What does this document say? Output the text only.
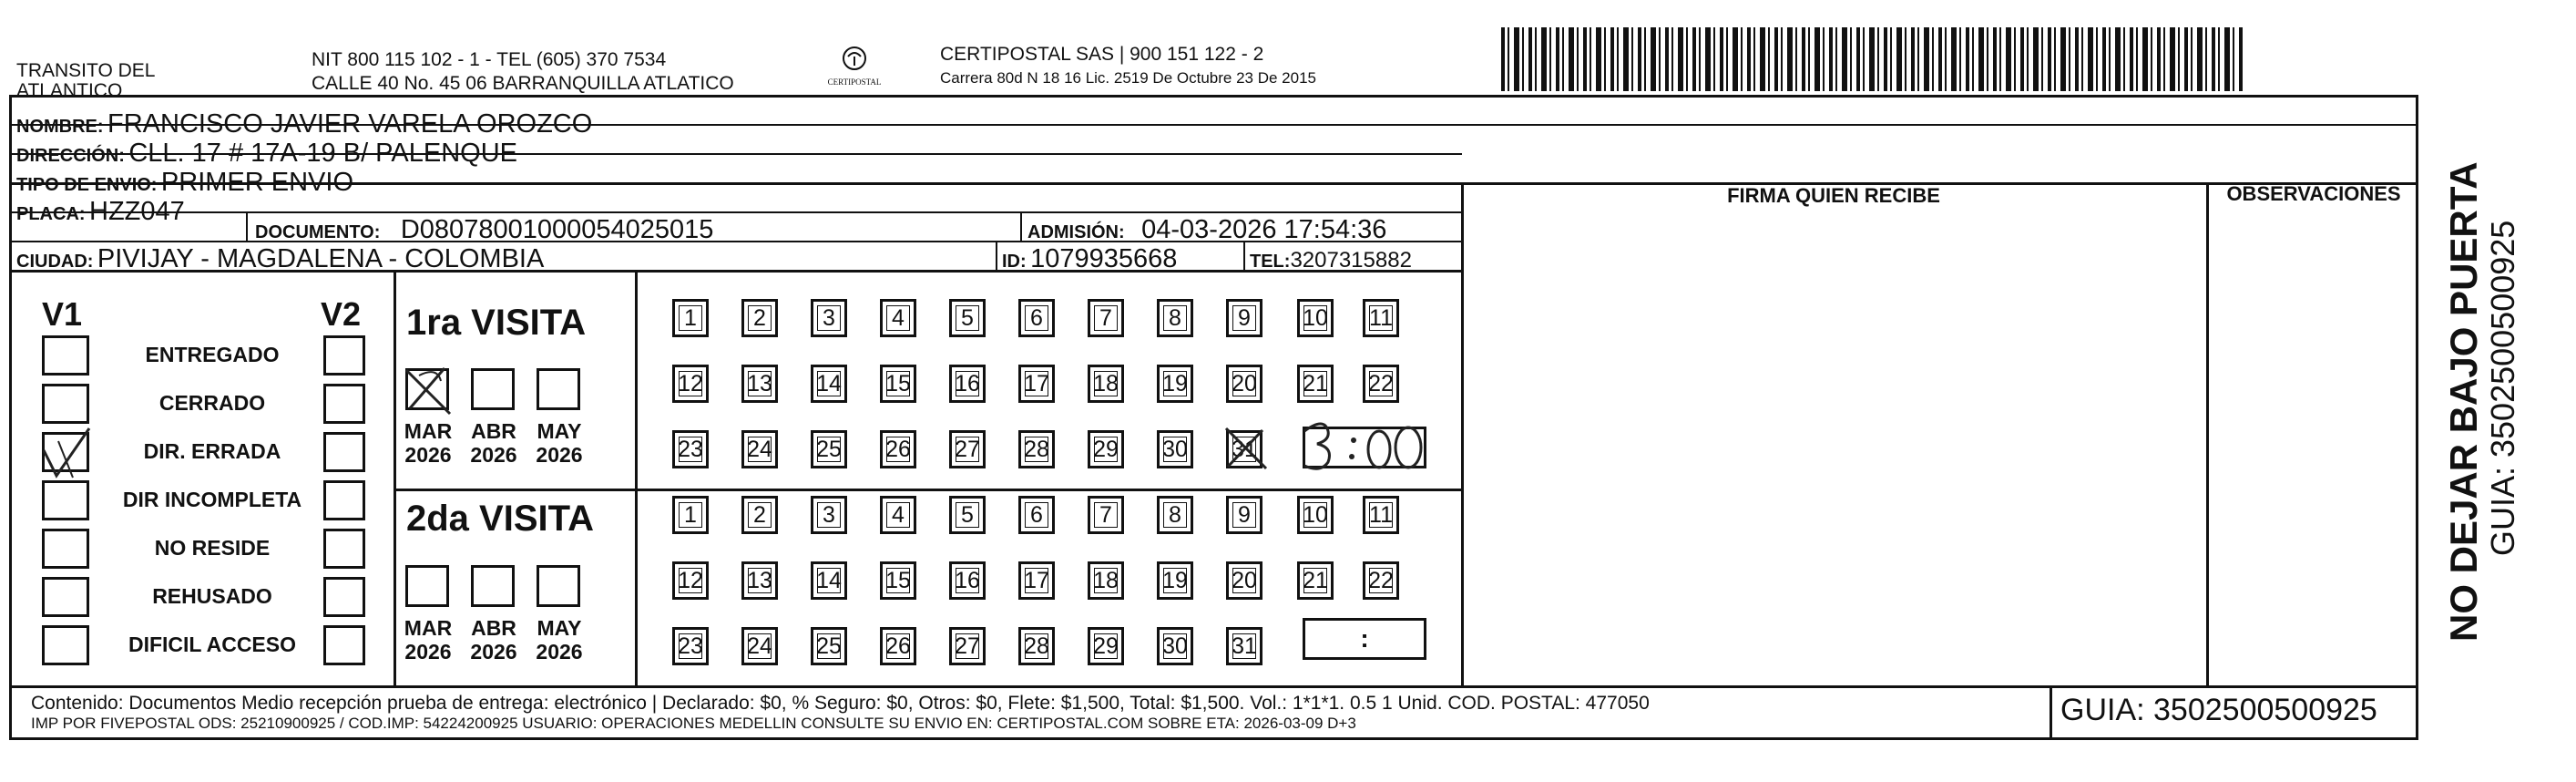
TRANSITO DEL
ATLANTICO
NIT 800 115 102 - 1 - TEL (605) 370 7534
CALLE 40 No. 45 06 BARRANQUILLA ATLATICO	CERTIPOSTAL
CERTIPOSTAL SAS | 900 151 122 - 2
Carrera 80d N 18 16 Lic. 2519 De Octubre 23 De 2015
NOMBRE: FRANCISCO JAVIER VARELA OROZCO
DIRECCIÓN: CLL. 17 # 17A-19 B/ PALENQUE
TIPO DE ENVIO: PRIMER ENVIO
PLACA: HZZ047
DOCUMENTO: D08078001000054025015	ADMISIÓN: 04-03-2026 17:54:36
CIUDAD: PIVIJAY - MAGDALENA - COLOMBIA	ID: 1079935668	TEL:3207315882
FIRMA QUIEN RECIBE	OBSERVACIONES
V1	V2
ENTREGADO
CERRADO
DIR. ERRADA
DIR INCOMPLETA
NO RESIDE
REHUSADO
DIFICIL ACCESO
1ra VISITA
2da VISITA
MAR
2026
ABR
2026
MAY
2026
MAR
2026
ABR
2026
MAY
2026
1	2	3	4	5	6	7	8	9	10 11
12 13 14 15 16 17 18 19 20 21 22
23 24 25 26 27 28 29 30 31
1	2	3	4	5	6	7	8	9	10 11
12 13 14 15 16 17 18 19 20 21 22
23 24 25 26 27 28 29 30 31	:
Contenido: Documentos Medio recepción prueba de entrega: electrónico | Declarado: $0, % Seguro: $0, Otros: $0, Flete: $1,500, Total: $1,500. Vol.: 1*1*1. 0.5 1 Unid. COD. POSTAL: 477050
IMP POR FIVEPOSTAL ODS: 25210900925 / COD.IMP: 54224200925 USUARIO: OPERACIONES MEDELLIN CONSULTE SU ENVIO EN: CERTIPOSTAL.COM SOBRE ETA: 2026-03-09 D+3	GUIA: 3502500500925
NO DEJAR BAJO PUERTA GUIA: 3502500500925
